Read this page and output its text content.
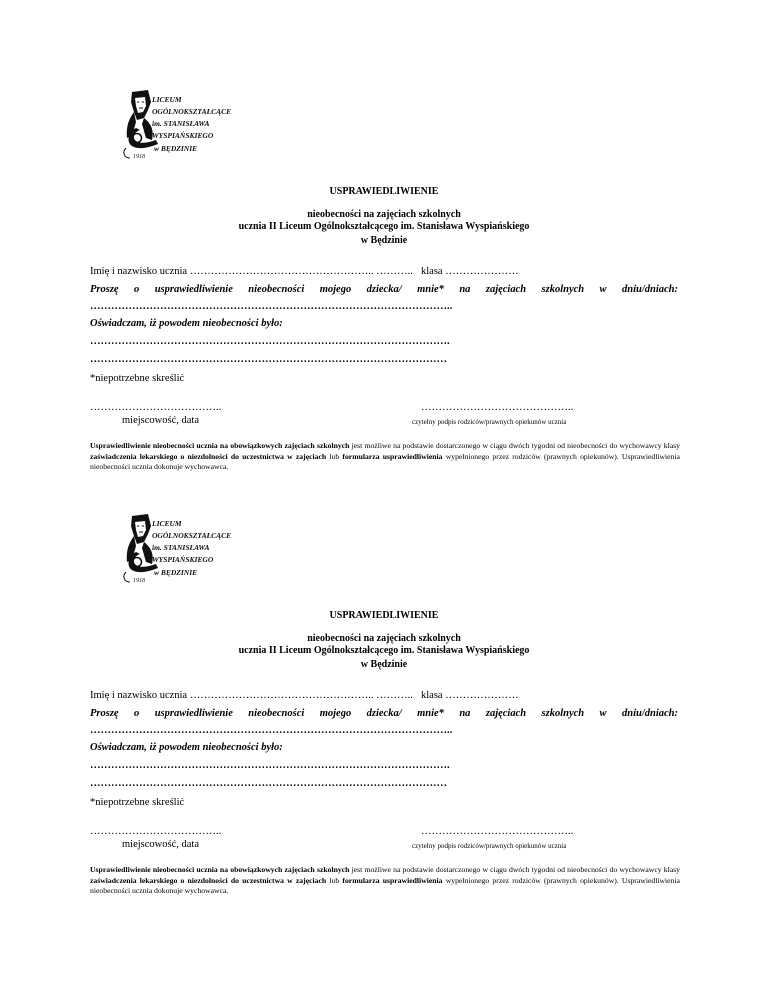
II
1918
LICEUM
OGÓLNOKSZTAŁCĄCE
im. STANISŁAWA
WYSPIAŃSKIEGO
w BĘDZINIE
USPRAWIEDLIWIENIE
nieobecności na zajęciach szkolnych
ucznia II Liceum Ogólnokształcącego im. Stanisława Wyspiańskiego
w Będzinie
Imię i nazwisko ucznia …………………………………………….. ……….. klasa …………………
Proszę o usprawiedliwienie nieobecności mojego dziecka/ mnie* na zajęciach szkolnych w dniu/dniach:
…………………………………………………………………………………………..
Oświadczam, iż powodem nieobecności było:
………………………………………………………………………………………….
…………………………………………………………………………………………
*niepotrzebne skreślić
………………………………..
miejscowość, data
……………………………………..
czytelny podpis rodziców/prawnych opiekunów ucznia
Usprawiedliwienie nieobecności ucznia na obowiązkowych zajęciach szkolnych jest możliwe na podstawie dostarczonego w ciągu dwóch tygodni od nieobecności do wychowawcy klasy zaświadczenia lekarskiego o niezdolności do uczestnictwa w zajęciach lub formularza usprawiedliwienia wypełnionego przez rodziców (prawnych opiekunów). Usprawiedliwienia nieobecności ucznia dokonuje wychowawca.
II
1918
LICEUM
OGÓLNOKSZTAŁCĄCE
im. STANISŁAWA
WYSPIAŃSKIEGO
w BĘDZINIE
USPRAWIEDLIWIENIE
nieobecności na zajęciach szkolnych
ucznia II Liceum Ogólnokształcącego im. Stanisława Wyspiańskiego
w Będzinie
Imię i nazwisko ucznia …………………………………………….. ……….. klasa …………………
Proszę o usprawiedliwienie nieobecności mojego dziecka/ mnie* na zajęciach szkolnych w dniu/dniach:
…………………………………………………………………………………………..
Oświadczam, iż powodem nieobecności było:
………………………………………………………………………………………….
…………………………………………………………………………………………
*niepotrzebne skreślić
………………………………..
miejscowość, data
……………………………………..
czytelny podpis rodziców/prawnych opiekunów ucznia
Usprawiedliwienie nieobecności ucznia na obowiązkowych zajęciach szkolnych jest możliwe na podstawie dostarczonego w ciągu dwóch tygodni od nieobecności do wychowawcy klasy zaświadczenia lekarskiego o niezdolności do uczestnictwa w zajęciach lub formularza usprawiedliwienia wypełnionego przez rodziców (prawnych opiekunów). Usprawiedliwienia nieobecności ucznia dokonuje wychowawca.
